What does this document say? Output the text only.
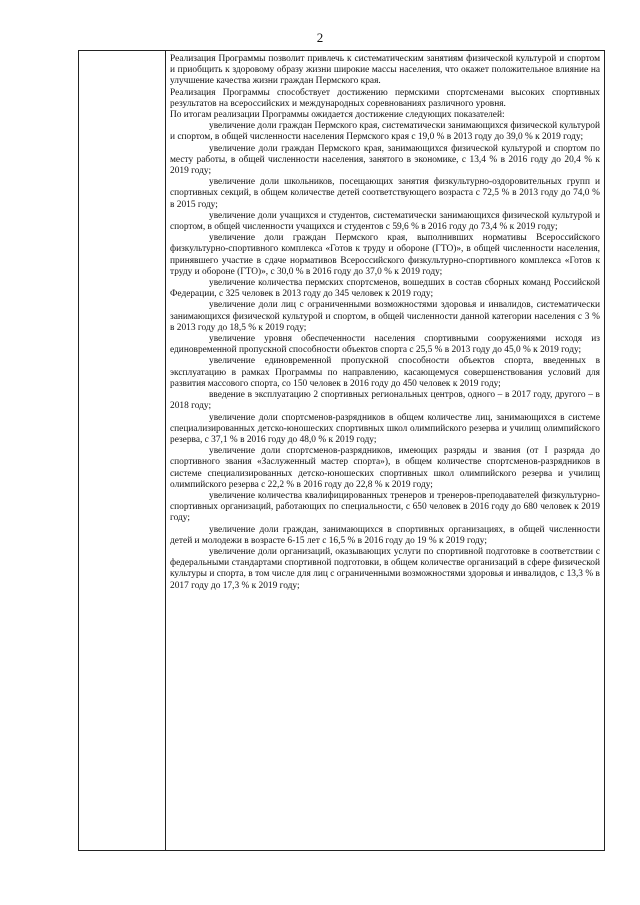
2

Реализация Программы позволит привлечь к систематическим занятиям физической культурой и спортом и приобщить к здоровому образу жизни широкие массы населения, что окажет положительное влияние на улучшение качества жизни граждан Пермского края.

Реализация Программы способствует достижению пермскими спортсменами высоких спортивных результатов на всероссийских и международных соревнованиях различного уровня.

По итогам реализации Программы ожидается достижение следующих показателей:

увеличение доли граждан Пермского края, систематически занимающихся физической культурой и спортом, в общей численности населения Пермского края с 19,0 % в 2013 году до 39,0 % к 2019 году;

увеличение доли граждан Пермского края, занимающихся физической культурой и спортом по месту работы, в общей численности населения, занятого в экономике, с 13,4 % в 2016 году до 20,4 % к 2019 году;

увеличение доли школьников, посещающих занятия физкультурно-оздоровительных групп и спортивных секций, в общем количестве детей соответствующего возраста с 72,5 % в 2013 году до 74,0 % в 2015 году;

увеличение доли учащихся и студентов, систематически занимающихся физической культурой и спортом, в общей численности учащихся и студентов с 59,6 % в 2016 году до 73,4 % к 2019 году;

увеличение доли граждан Пермского края, выполнивших нормативы Всероссийского физкультурно-спортивного комплекса «Готов к труду и обороне (ГТО)», в общей численности населения, принявшего участие в сдаче нормативов Всероссийского физкультурно-спортивного комплекса «Готов к труду и обороне (ГТО)», с 30,0 % в 2016 году до 37,0 % к 2019 году;

увеличение количества пермских спортсменов, вошедших в состав сборных команд Российской Федерации, с 325 человек в 2013 году до 345 человек к 2019 году;

увеличение доли лиц с ограниченными возможностями здоровья и инвалидов, систематически занимающихся физической культурой и спортом, в общей численности данной категории населения с 3 % в 2013 году до 18,5 % к 2019 году;

увеличение уровня обеспеченности населения спортивными сооружениями исходя из единовременной пропускной способности объектов спорта с 25,5 % в 2013 году до 45,0 % к 2019 году;

увеличение единовременной пропускной способности объектов спорта, введенных в эксплуатацию в рамках Программы по направлению, касающемуся совершенствования условий для развития массового спорта, со 150 человек в 2016 году до 450 человек к 2019 году;

введение в эксплуатацию 2 спортивных региональных центров, одного – в 2017 году, другого – в 2018 году;

увеличение доли спортсменов-разрядников в общем количестве лиц, занимающихся в системе специализированных детско-юношеских спортивных школ олимпийского резерва и училищ олимпийского резерва, с 37,1 % в 2016 году до 48,0 % к 2019 году;

увеличение доли спортсменов-разрядников, имеющих разряды и звания (от I разряда до спортивного звания «Заслуженный мастер спорта»), в общем количестве спортсменов-разрядников в системе специализированных детско-юношеских спортивных школ олимпийского резерва и училищ олимпийского резерва с 22,2 % в 2016 году до 22,8 % к 2019 году;

увеличение количества квалифицированных тренеров и тренеров-преподавателей физкультурно-спортивных организаций, работающих по специальности, с 650 человек в 2016 году до 680 человек к 2019 году;

увеличение доли граждан, занимающихся в спортивных организациях, в общей численности детей и молодежи в возрасте 6-15 лет с 16,5 % в 2016 году до 19 % к 2019 году;

увеличение доли организаций, оказывающих услуги по спортивной подготовке в соответствии с федеральными стандартами спортивной подготовки, в общем количестве организаций в сфере физической культуры и спорта, в том числе для лиц с ограниченными возможностями здоровья и инвалидов, с 13,3 % в 2017 году до 17,3 % к 2019 году;
